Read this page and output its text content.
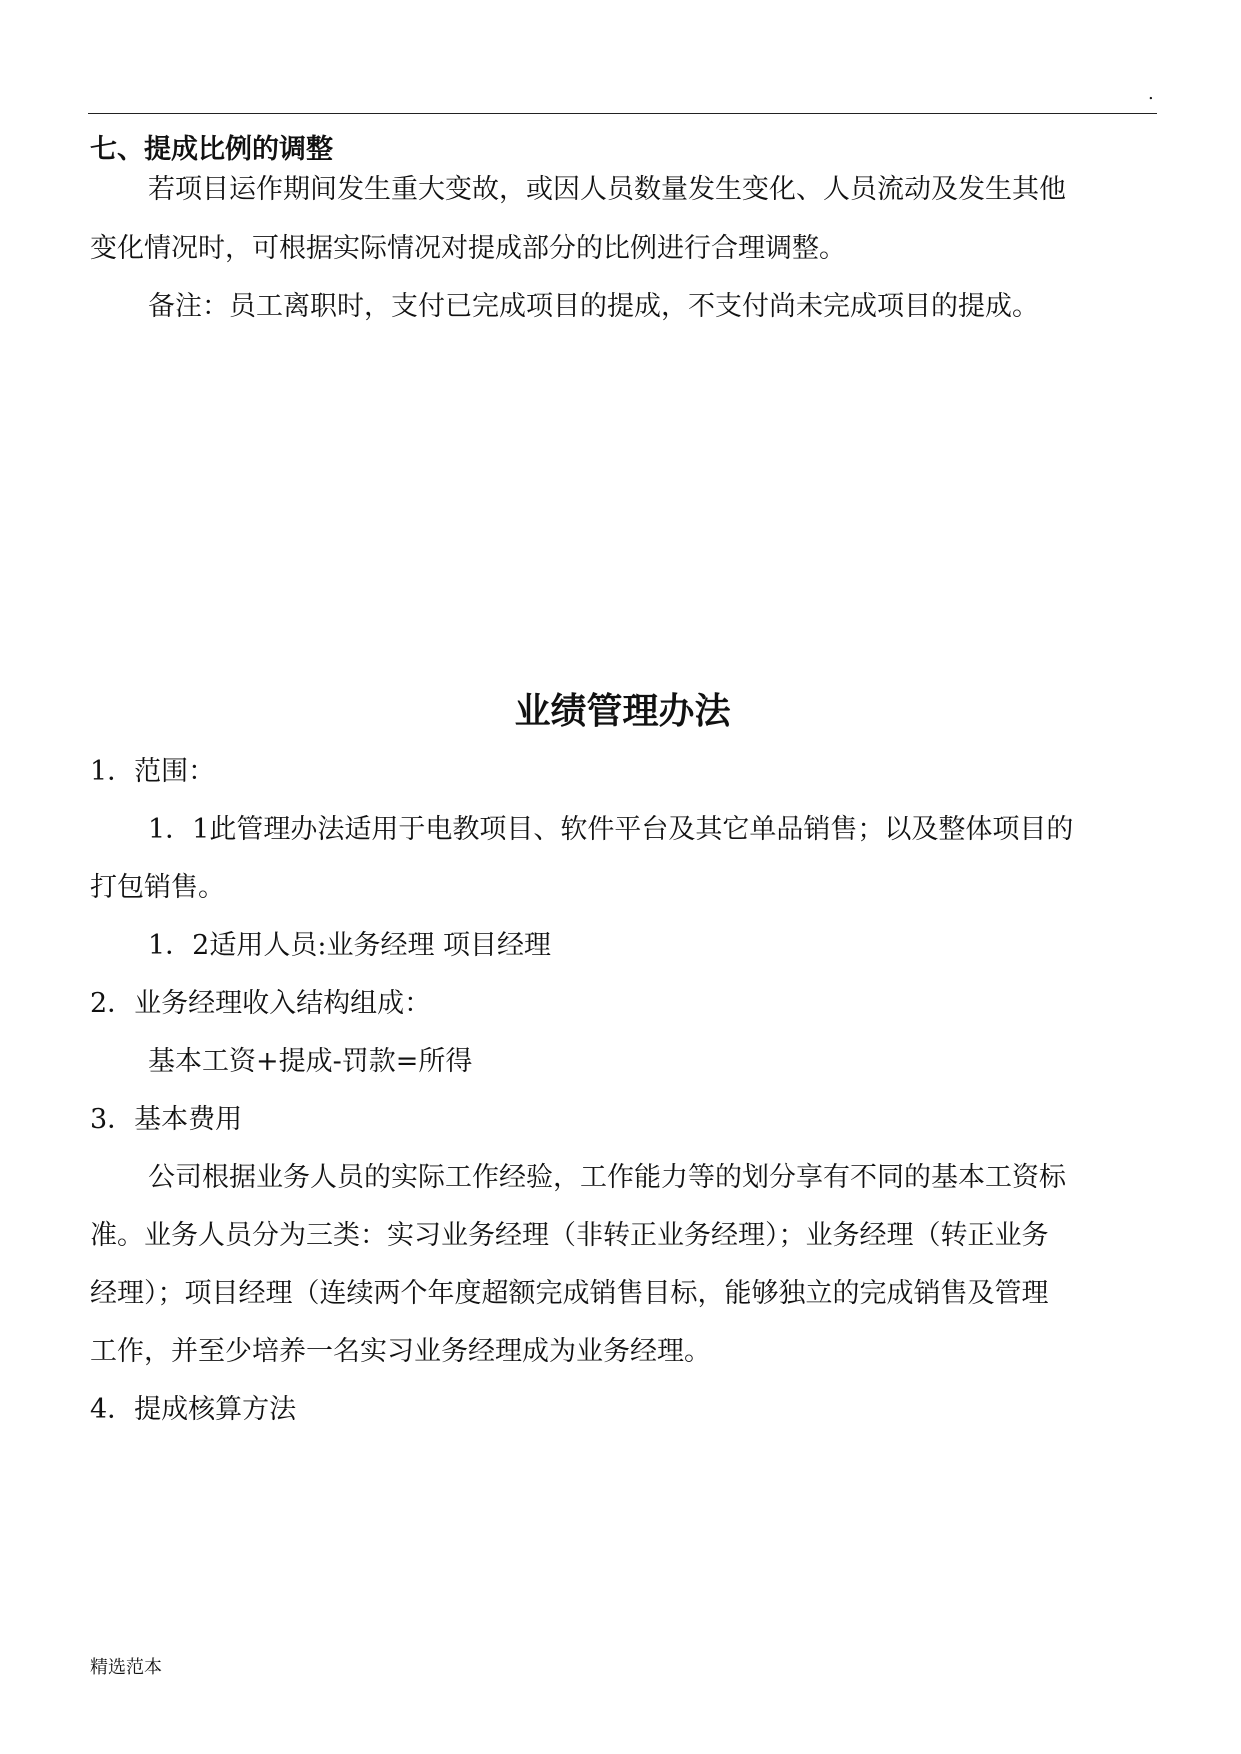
.
七、提成比例的调整
若项目运作期间发生重大变故，或因人员数量发生变化、人员流动及发生其他
变化情况时，可根据实际情况对提成部分的比例进行合理调整。
备注：员工离职时，支付已完成项目的提成，不支付尚未完成项目的提成。
业绩管理办法
1．范围：
1．1此管理办法适用于电教项目、软件平台及其它单品销售；以及整体项目的
打包销售。
1．2适用人员:业务经理 项目经理
2．业务经理收入结构组成：
基本工资+提成-罚款=所得
3．基本费用
公司根据业务人员的实际工作经验，工作能力等的划分享有不同的基本工资标
准。业务人员分为三类：实习业务经理（非转正业务经理）；业务经理（转正业务
经理）；项目经理（连续两个年度超额完成销售目标，能够独立的完成销售及管理
工作，并至少培养一名实习业务经理成为业务经理。
4．提成核算方法
精选范本
